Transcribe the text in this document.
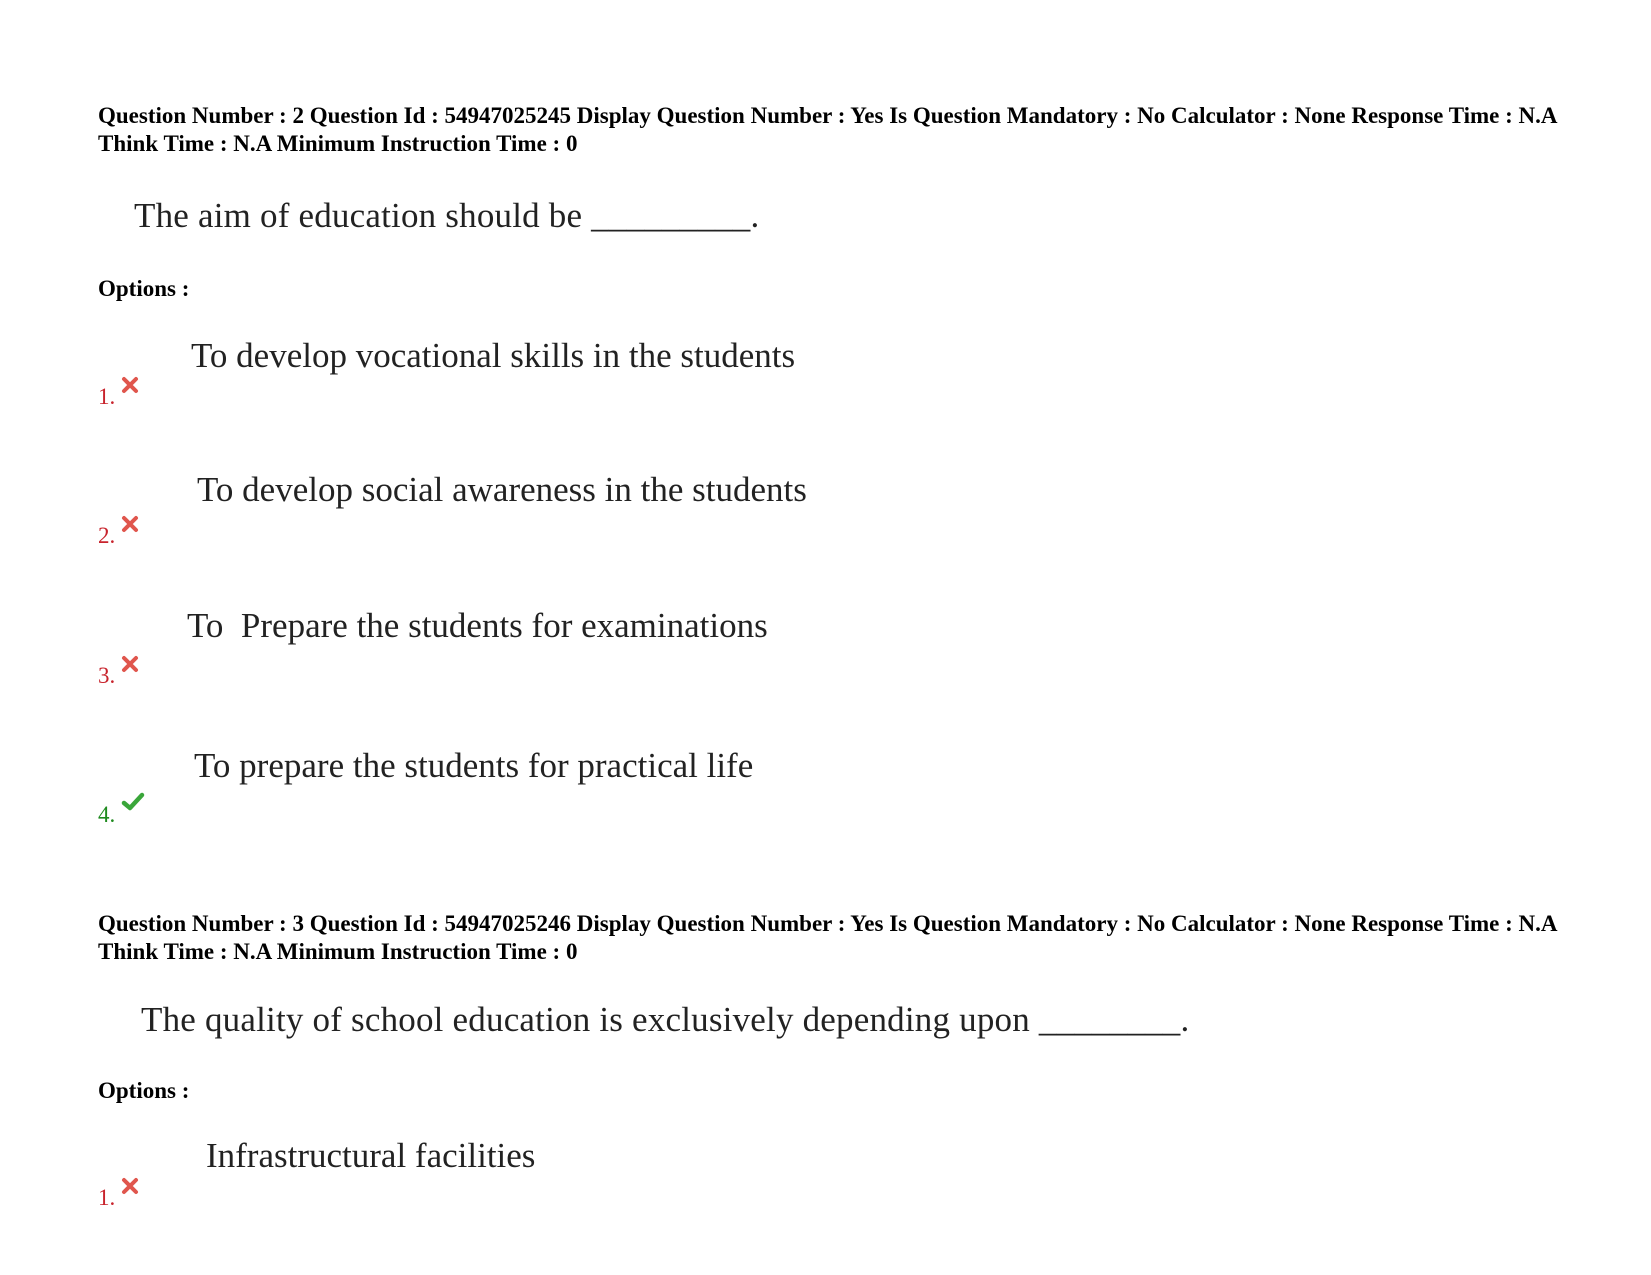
Question Number : 2 Question Id : 54947025245 Display Question Number : Yes Is Question Mandatory : No Calculator : None Response Time : N.A Think Time : N.A Minimum Instruction Time : 0
The aim of education should be _________.
Options :
To develop vocational skills in the students
1.
To develop social awareness in the students
2.
To  Prepare the students for examinations
3.
To prepare the students for practical life
4.
Question Number : 3 Question Id : 54947025246 Display Question Number : Yes Is Question Mandatory : No Calculator : None Response Time : N.A Think Time : N.A Minimum Instruction Time : 0
The quality of school education is exclusively depending upon ________.
Options :
Infrastructural facilities
1.
